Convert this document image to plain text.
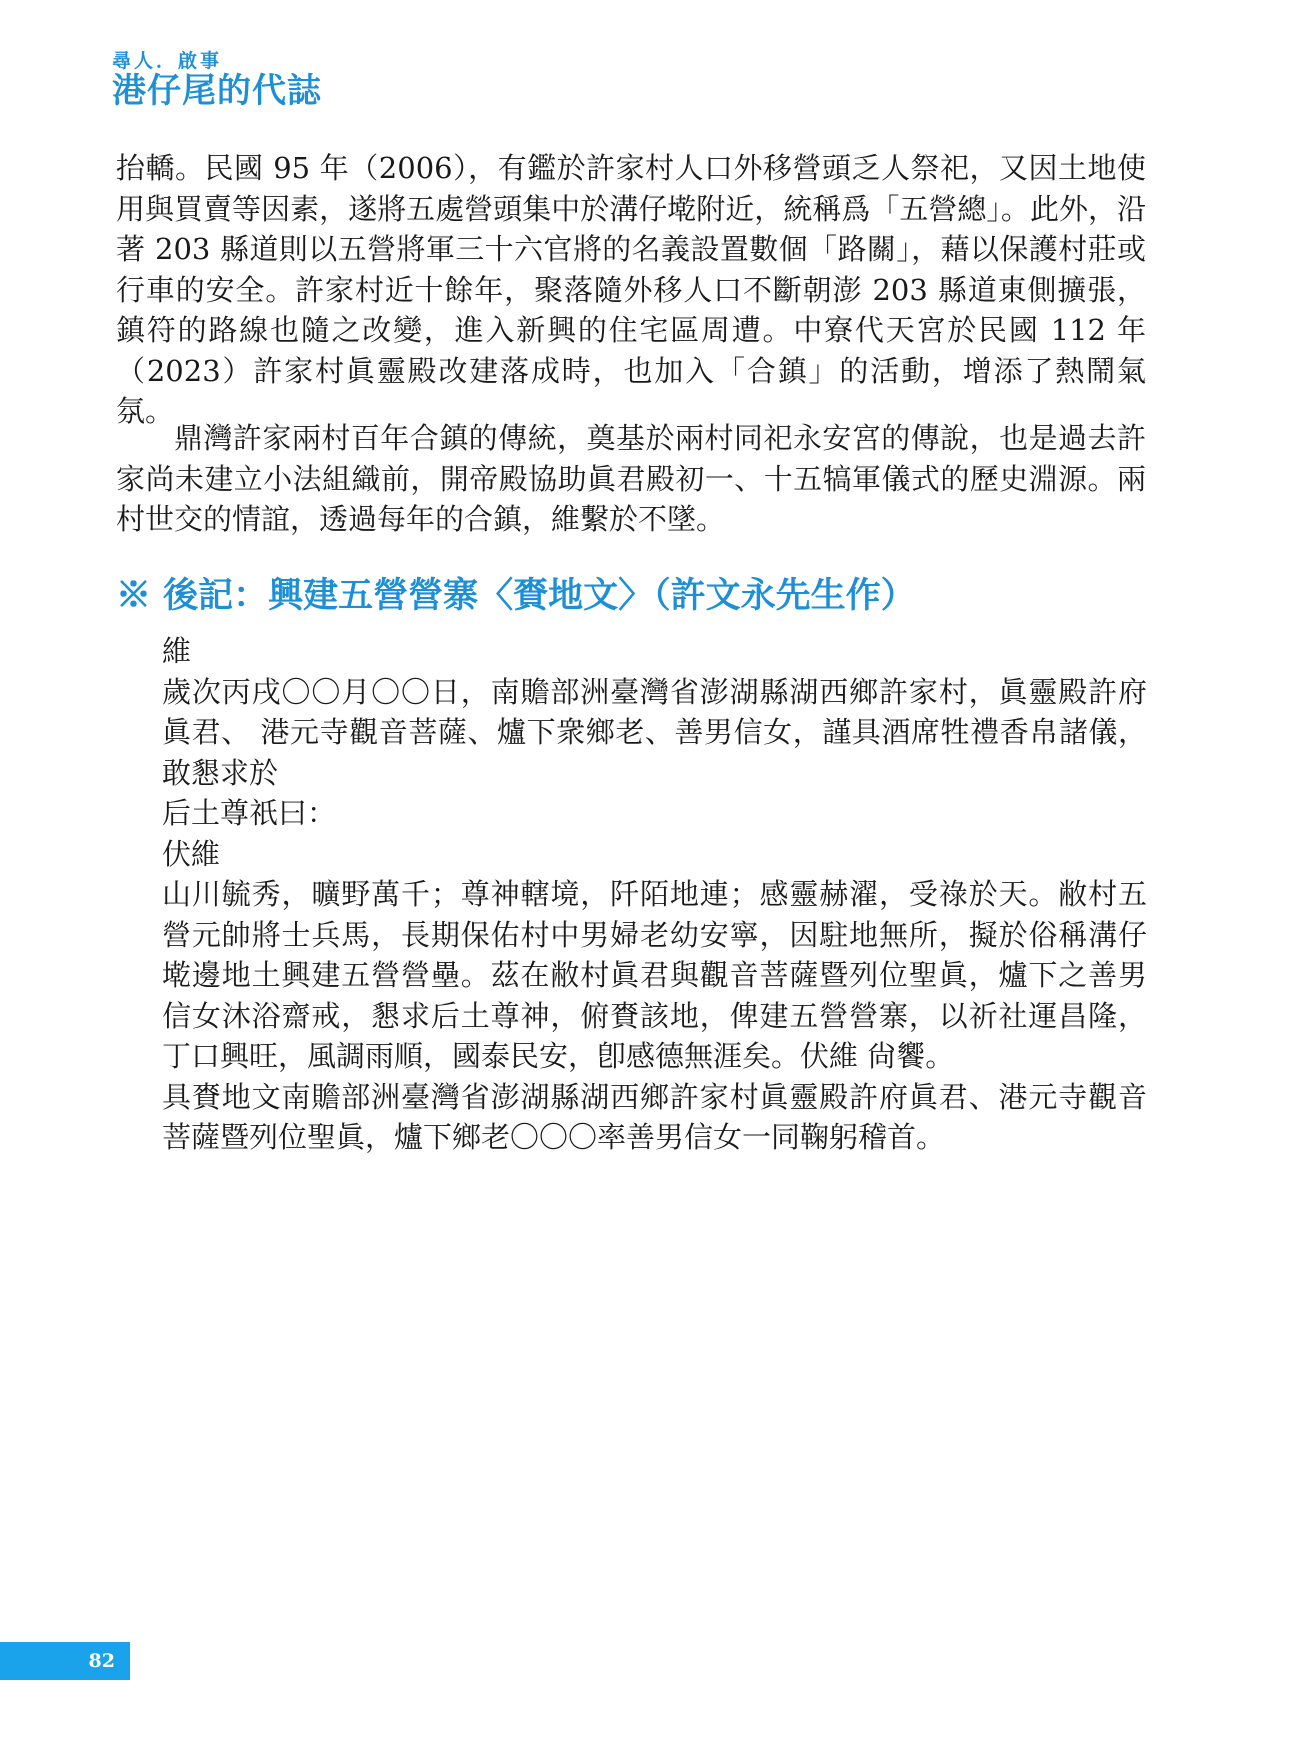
尋人．啟事
港仔尾的代誌
抬轎。民國 95 年（2006），有鑑於許家村人口外移營頭乏人祭祀，又因土地使用與買賣等因素，遂將五處營頭集中於溝仔墘附近，統稱爲「五營總」。此外，沿著 203 縣道則以五營將軍三十六官將的名義設置數個「路關」，藉以保護村莊或行車的安全。許家村近十餘年，聚落隨外移人口不斷朝澎 203 縣道東側擴張，鎮符的路線也隨之改變，進入新興的住宅區周遭。中寮代天宮於民國 112 年（2023）許家村眞靈殿改建落成時，也加入「合鎮」的活動，增添了熱鬧氣氛。
鼎灣許家兩村百年合鎮的傳統，奠基於兩村同祀永安宮的傳說，也是過去許家尚未建立小法組織前，開帝殿協助眞君殿初一、十五犒軍儀式的歷史淵源。兩村世交的情誼，透過每年的合鎮，維繫於不墜。
※ 後記：興建五營營寨〈賚地文〉（許文永先生作）
維
歲次丙戌〇〇月〇〇日，南贍部洲臺灣省澎湖縣湖西鄉許家村，眞靈殿許府眞君、 港元寺觀音菩薩、爐下衆鄉老、善男信女，謹具酒席牲禮香帛諸儀，敢懇求於
后土尊祇曰：
伏維
山川毓秀，曠野萬千；尊神轄境，阡陌地連；感靈赫濯，受祿於天。敝村五營元帥將士兵馬，長期保佑村中男婦老幼安寧，因駐地無所，擬於俗稱溝仔墘邊地土興建五營營壘。茲在敝村眞君與觀音菩薩暨列位聖眞，爐下之善男信女沐浴齋戒，懇求后土尊神，俯賚該地，俾建五營營寨，以祈社運昌隆，丁口興旺，風調雨順，國泰民安，卽感德無涯矣。伏維 尙饗。
具賚地文南贍部洲臺灣省澎湖縣湖西鄉許家村眞靈殿許府眞君、港元寺觀音菩薩暨列位聖眞，爐下鄉老〇〇〇率善男信女一同鞠躬稽首。
82
